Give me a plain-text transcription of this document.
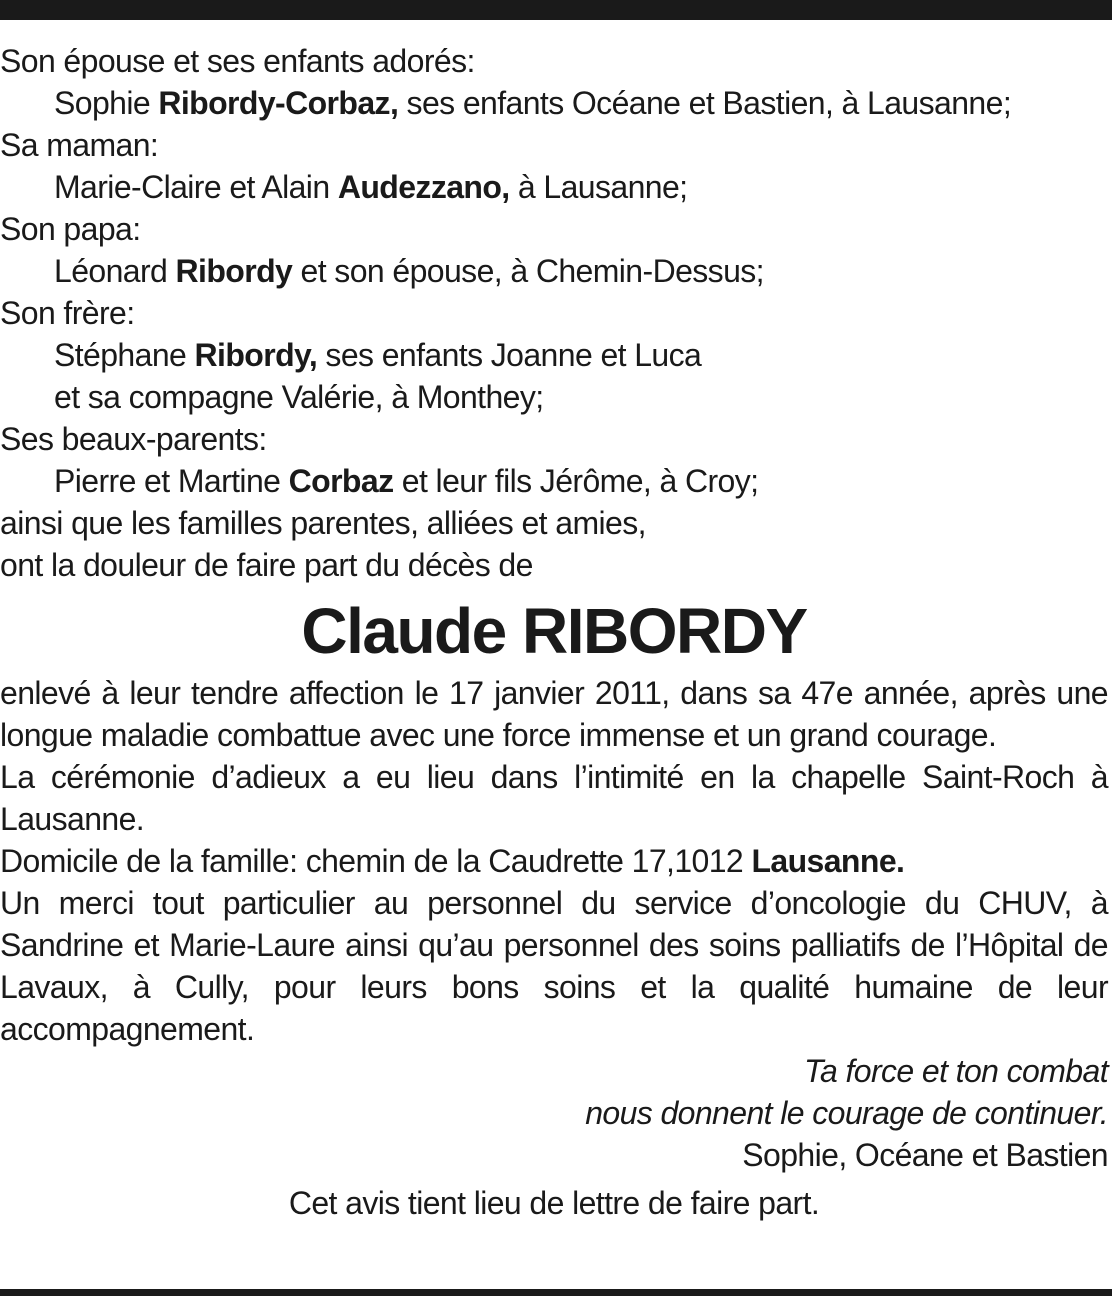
Son épouse et ses enfants adorés:

Sophie Ribordy-Corbaz, ses enfants Océane et Bastien, à Lausanne;

Sa maman:

Marie-Claire et Alain Audezzano, à Lausanne;

Son papa:

Léonard Ribordy et son épouse, à Chemin-Dessus;

Son frère:

Stéphane Ribordy, ses enfants Joanne et Luca

et sa compagne Valérie, à Monthey;

Ses beaux-parents:

Pierre et Martine Corbaz et leur fils Jérôme, à Croy;

ainsi que les familles parentes, alliées et amies,

ont la douleur de faire part du décès de

Claude RIBORDY

enlevé à leur tendre affection le 17 janvier 2011, dans sa 47e année, après une longue maladie combattue avec une force immense et un grand courage.

La cérémonie d’adieux a eu lieu dans l’intimité en la chapelle Saint-Roch à Lausanne.

Domicile de la famille: chemin de la Caudrette 17,1012 Lausanne.

Un merci tout particulier au personnel du service d’oncologie du CHUV, à Sandrine et Marie-Laure ainsi qu’au personnel des soins palliatifs de l’Hôpital de Lavaux, à Cully, pour leurs bons soins et la qualité humaine de leur accompagnement.

Ta force et ton combat

nous donnent le courage de continuer.

Sophie, Océane et Bastien

Cet avis tient lieu de lettre de faire part.
